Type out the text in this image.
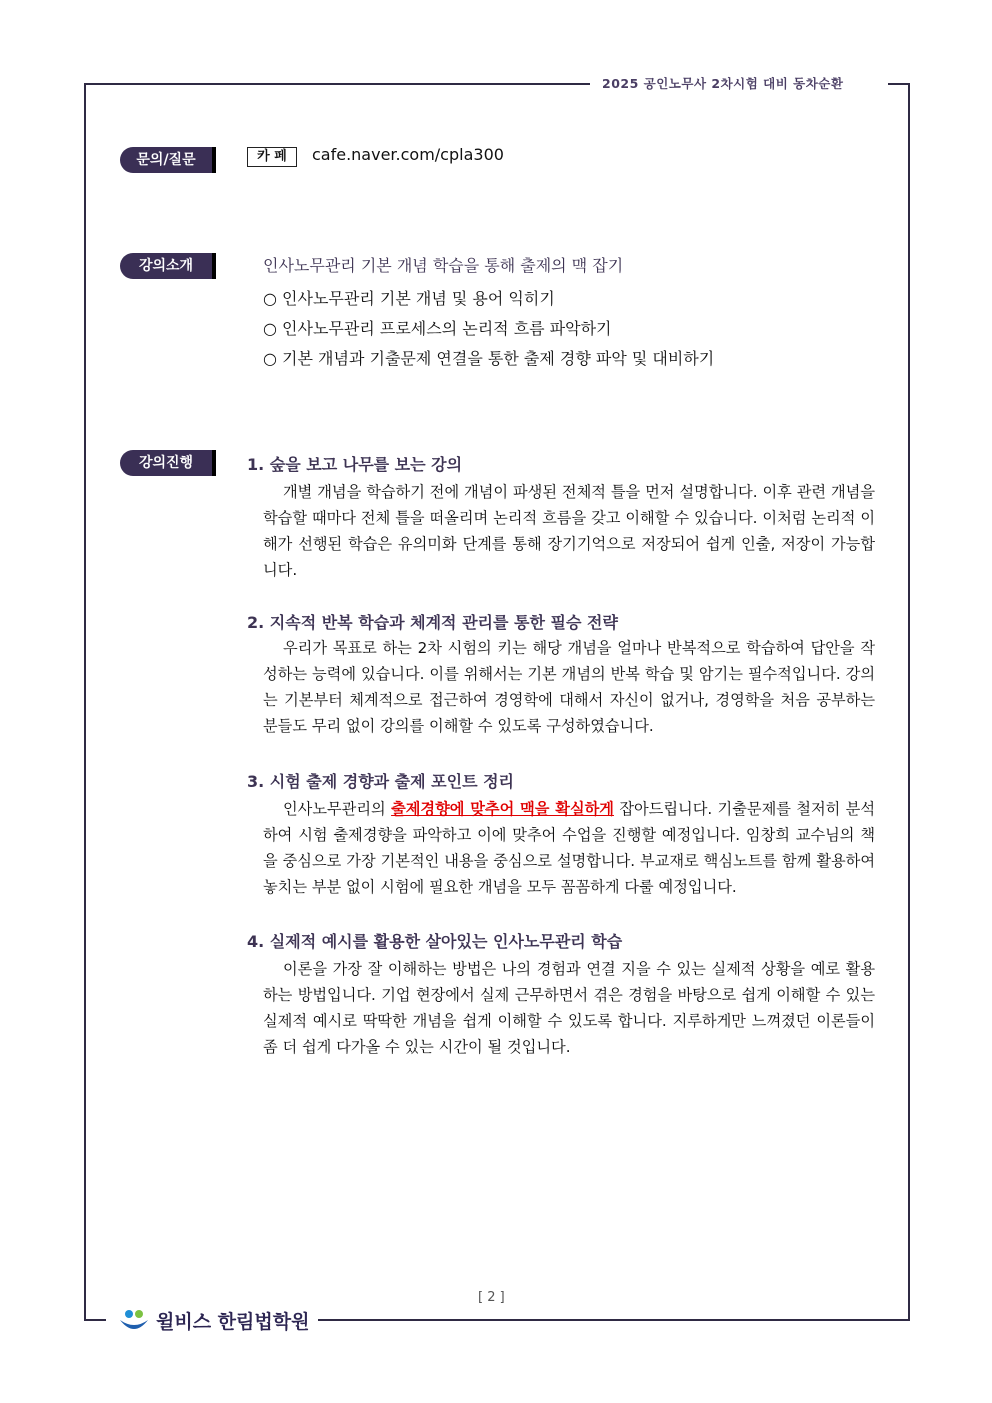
2025 공인노무사 2차시험 대비 동차순환
문의/질문	카 페	cafe.naver.com/cpla300
강의소개	인사노무관리 기본 개념 학습을 통해 출제의 맥 잡기
○ 인사노무관리 기본 개념 및 용어 익히기
○ 인사노무관리 프로세스의 논리적 흐름 파악하기
○ 기본 개념과 기출문제 연결을 통한 출제 경향 파악 및 대비하기
강의진행	1. 숲을 보고 나무를 보는 강의
개별 개념을 학습하기 전에 개념이 파생된 전체적 틀을 먼저 설명합니다. 이후 관련 개념을 학습할 때마다 전체 틀을 떠올리며 논리적 흐름을 갖고 이해할 수 있습니다. 이처럼 논리적 이해가 선행된 학습은 유의미화 단계를 통해 장기기억으로 저장되어 쉽게 인출, 저장이 가능합니다.
2. 지속적 반복 학습과 체계적 관리를 통한 필승 전략
우리가 목표로 하는 2차 시험의 키는 해당 개념을 얼마나 반복적으로 학습하여 답안을 작성하는 능력에 있습니다. 이를 위해서는 기본 개념의 반복 학습 및 암기는 필수적입니다. 강의는 기본부터 체계적으로 접근하여 경영학에 대해서 자신이 없거나, 경영학을 처음 공부하는 분들도 무리 없이 강의를 이해할 수 있도록 구성하였습니다.
3. 시험 출제 경향과 출제 포인트 정리
인사노무관리의 출제경향에 맞추어 맥을 확실하게 잡아드립니다. 기출문제를 철저히 분석하여 시험 출제경향을 파악하고 이에 맞추어 수업을 진행할 예정입니다. 임창희 교수님의 책을 중심으로 가장 기본적인 내용을 중심으로 설명합니다. 부교재로 핵심노트를 함께 활용하여 놓치는 부분 없이 시험에 필요한 개념을 모두 꼼꼼하게 다룰 예정입니다.
4. 실제적 예시를 활용한 살아있는 인사노무관리 학습
이론을 가장 잘 이해하는 방법은 나의 경험과 연결 지을 수 있는 실제적 상황을 예로 활용하는 방법입니다. 기업 현장에서 실제 근무하면서 겪은 경험을 바탕으로 쉽게 이해할 수 있는 실제적 예시로 딱딱한 개념을 쉽게 이해할 수 있도록 합니다. 지루하게만 느껴졌던 이론들이 좀 더 쉽게 다가올 수 있는 시간이 될 것입니다.
[ 2 ]
윌비스 한림법학원
